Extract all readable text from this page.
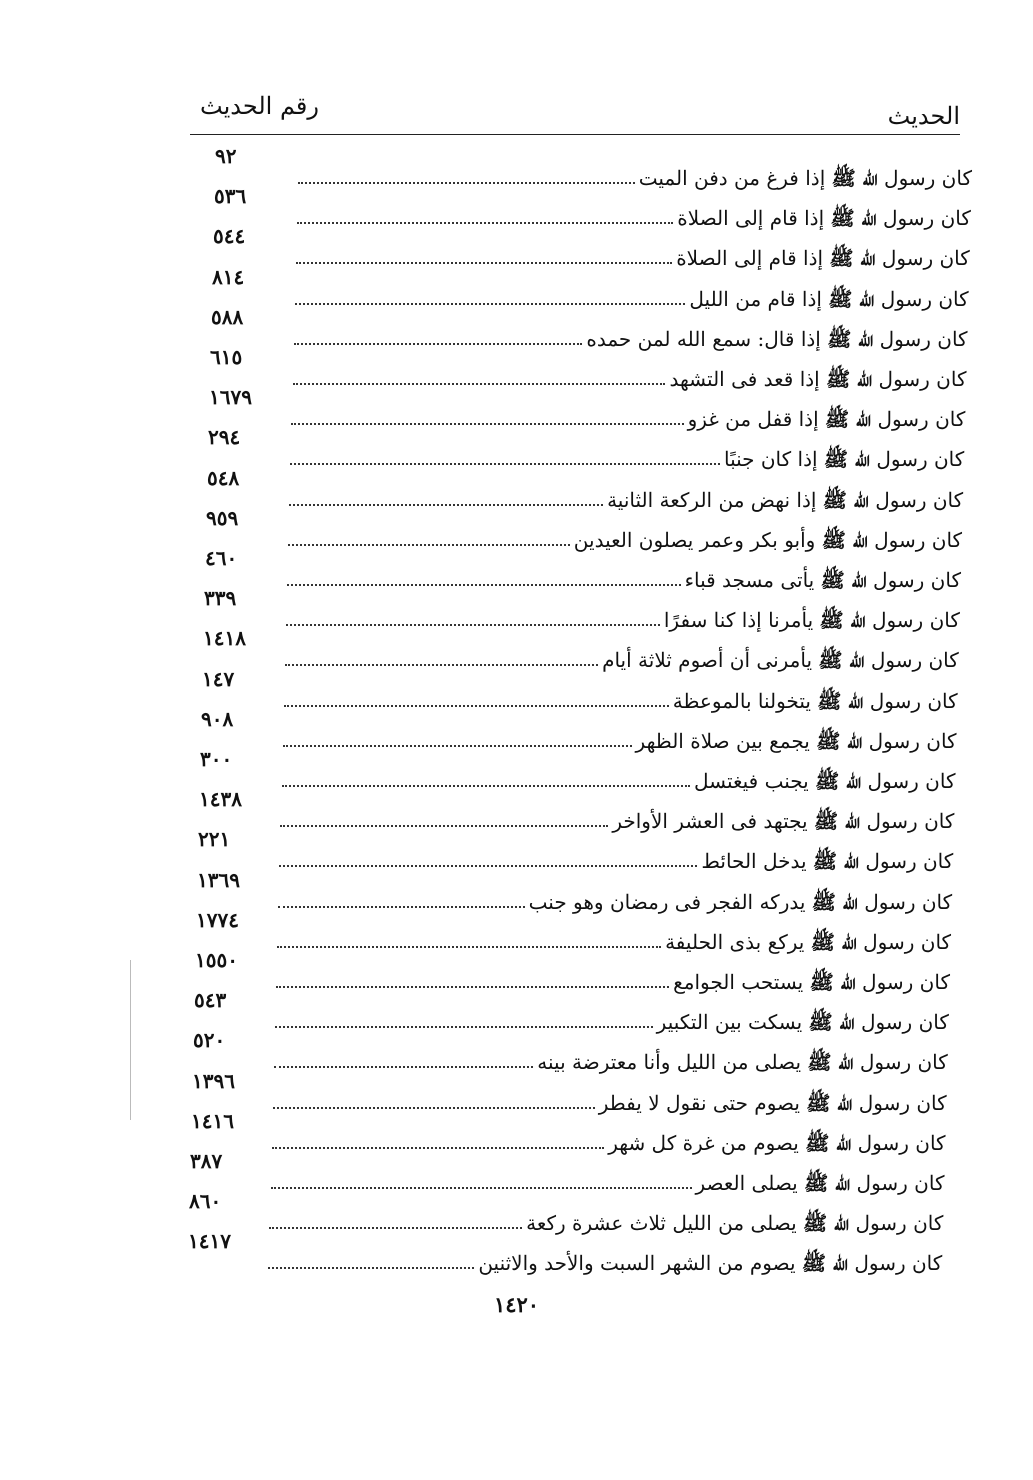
الحديث
رقم الحديث
كان رسول الله ﷺ إذا فرغ من دفن الميت
٩٢
كان رسول الله ﷺ إذا قام إلى الصلاة
٥٣٦
كان رسول الله ﷺ إذا قام إلى الصلاة
٥٤٤
كان رسول الله ﷺ إذا قام من الليل
٨١٤
كان رسول الله ﷺ إذا قال: سمع الله لمن حمده
٥٨٨
كان رسول الله ﷺ إذا قعد فى التشهد
٦١٥
كان رسول الله ﷺ إذا قفل من غزو
١٦٧٩
كان رسول الله ﷺ إذا كان جنبًا
٢٩٤
كان رسول الله ﷺ إذا نهض من الركعة الثانية
٥٤٨
كان رسول الله ﷺ وأبو بكر وعمر يصلون العيدين
٩٥٩
كان رسول الله ﷺ يأتى مسجد قباء
٤٦٠
كان رسول الله ﷺ يأمرنا إذا كنا سفرًا
٣٣٩
كان رسول الله ﷺ يأمرنى أن أصوم ثلاثة أيام
١٤١٨
كان رسول الله ﷺ يتخولنا بالموعظة
١٤٧
كان رسول الله ﷺ يجمع بين صلاة الظهر
٩٠٨
كان رسول الله ﷺ يجنب فيغتسل
٣٠٠
كان رسول الله ﷺ يجتهد فى العشر الأواخر
١٤٣٨
كان رسول الله ﷺ يدخل الحائط
٢٢١
كان رسول الله ﷺ يدركه الفجر فى رمضان وهو جنب
١٣٦٩
كان رسول الله ﷺ يركع بذى الحليفة
١٧٧٤
كان رسول الله ﷺ يستحب الجوامع
١٥٥٠
كان رسول الله ﷺ يسكت بين التكبير
٥٤٣
كان رسول الله ﷺ يصلى من الليل وأنا معترضة بينه
٥٢٠
كان رسول الله ﷺ يصوم حتى نقول لا يفطر
١٣٩٦
كان رسول الله ﷺ يصوم من غرة كل شهر
١٤١٦
كان رسول الله ﷺ يصلى العصر
٣٨٧
كان رسول الله ﷺ يصلى من الليل ثلاث عشرة ركعة
٨٦٠
كان رسول الله ﷺ يصوم من الشهر السبت والأحد والاثنين
١٤١٧
١٤٢٠
